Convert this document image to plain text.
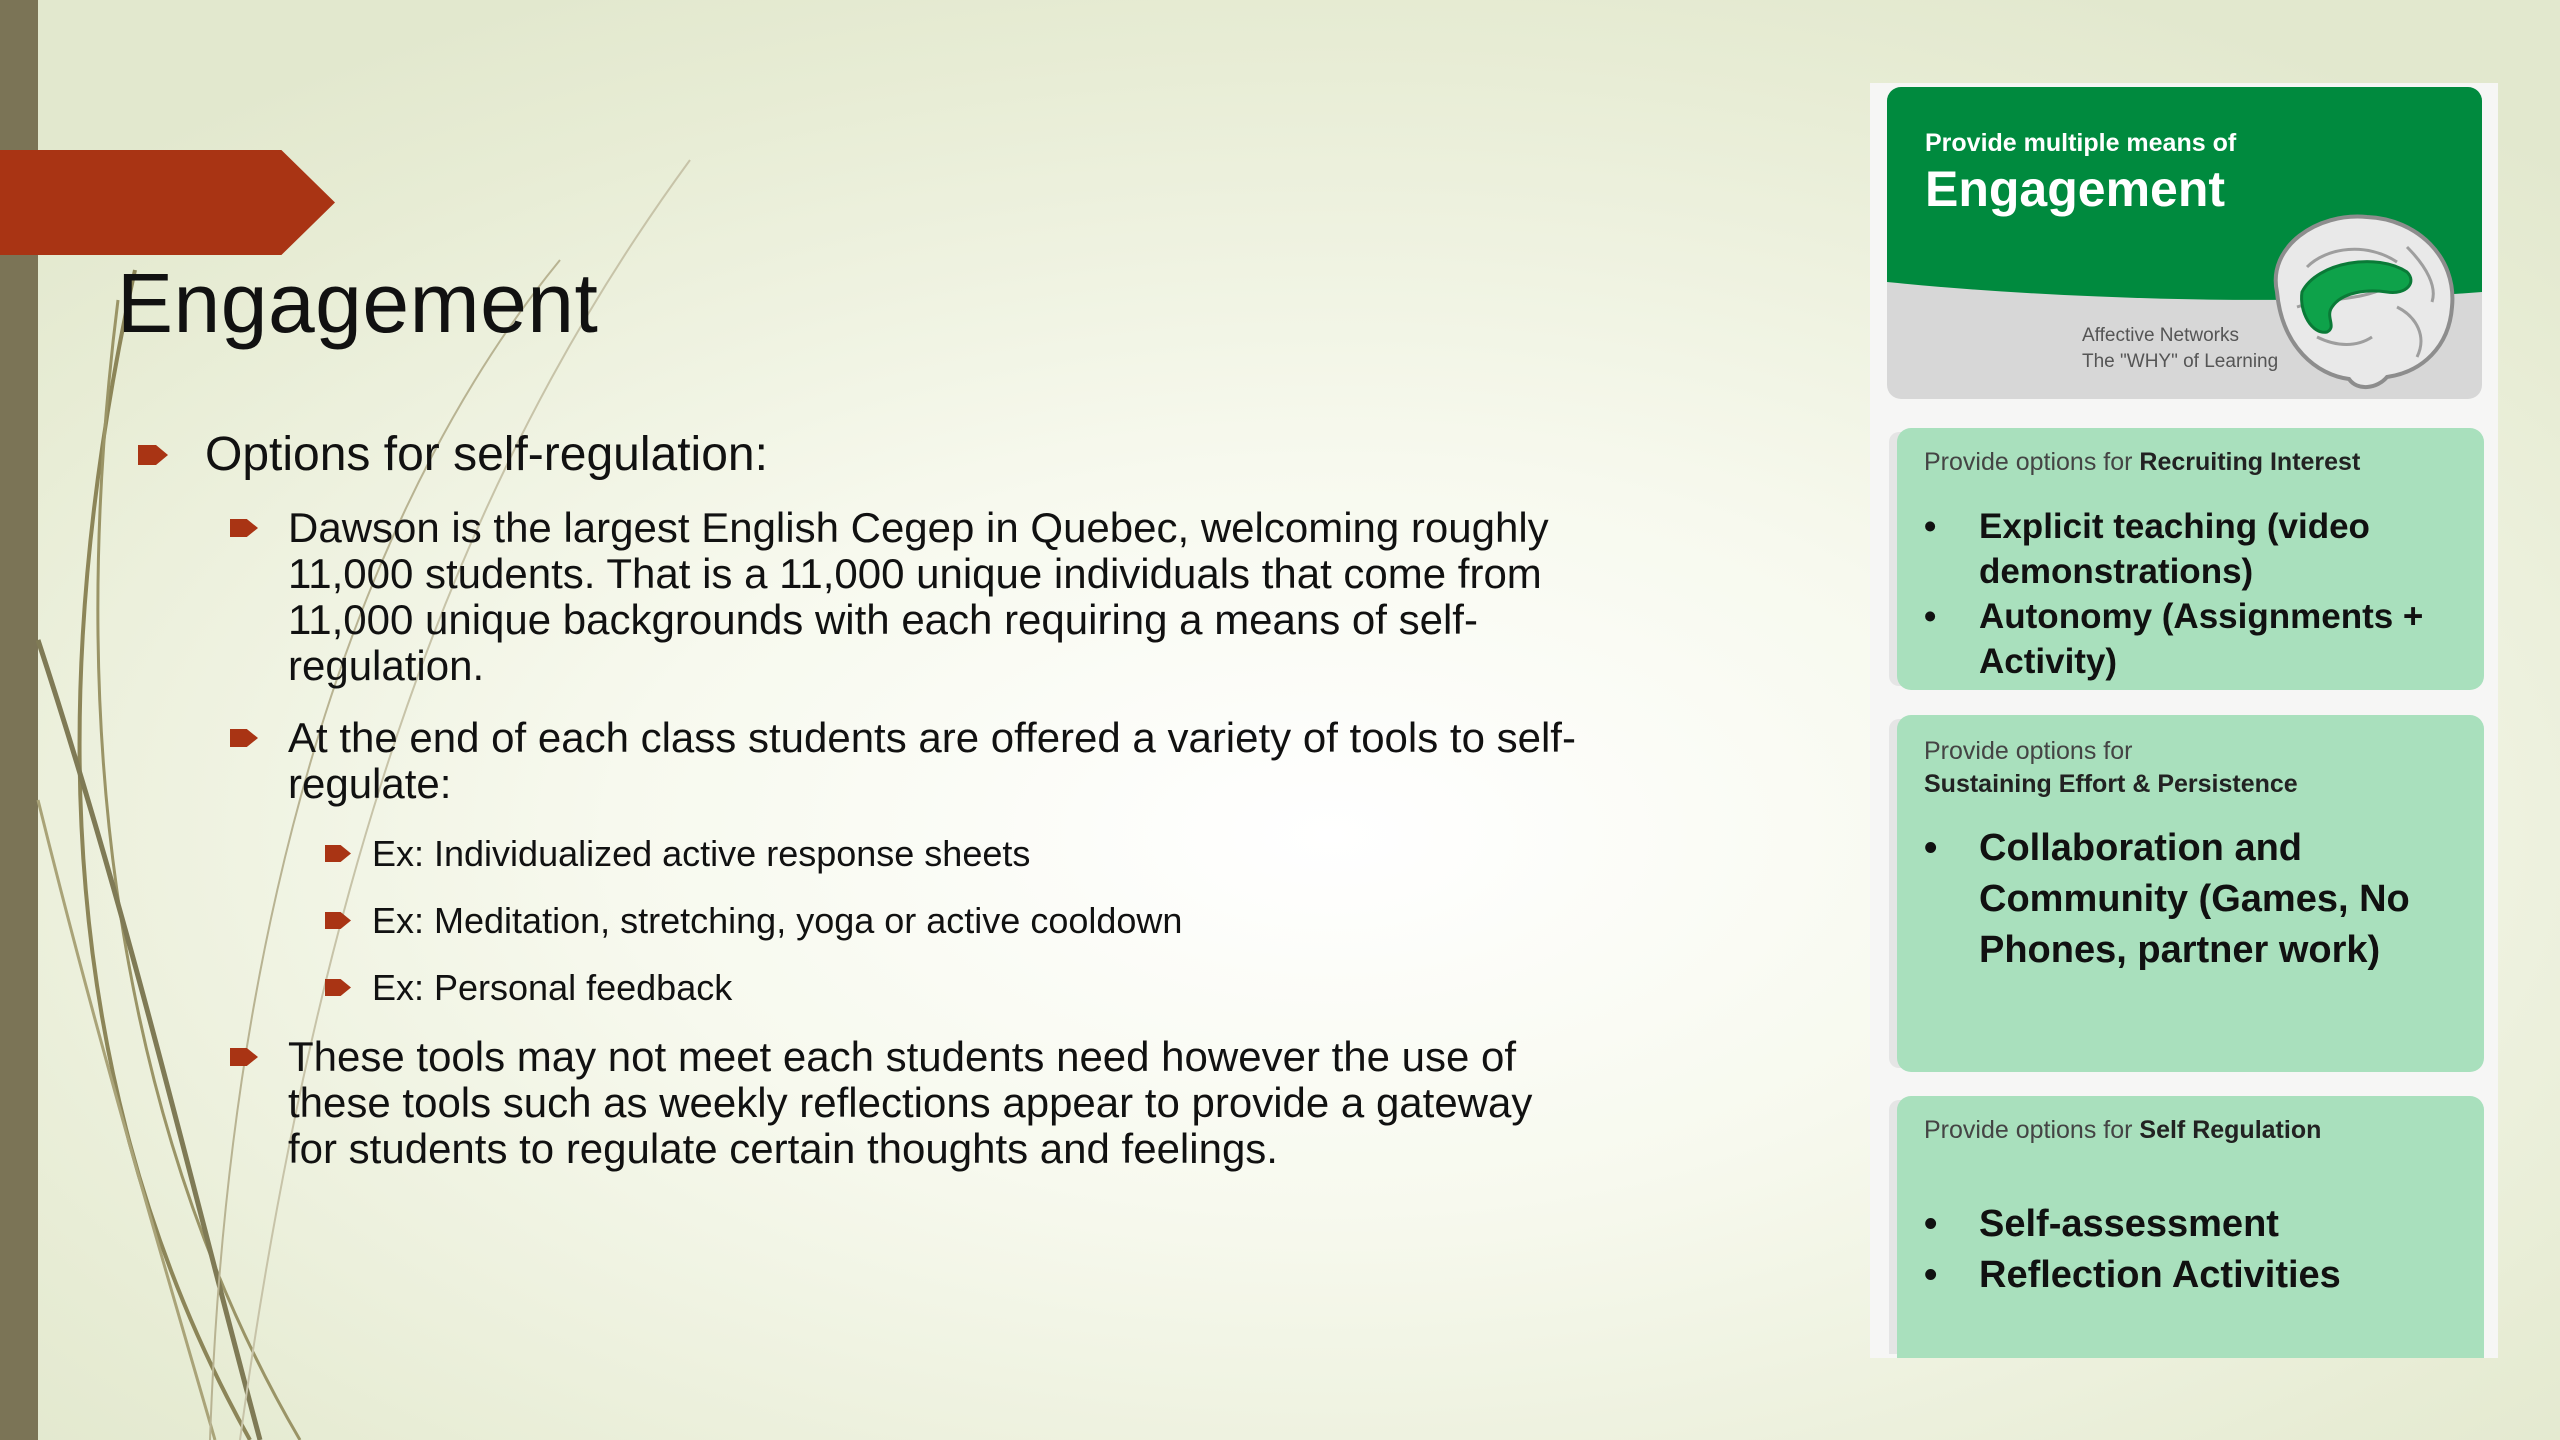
Engagement
Options for self-regulation:
Dawson is the largest English Cegep in Quebec, welcoming roughly 11,000 students. That is a 11,000 unique individuals that come from 11,000 unique backgrounds with each requiring a means of self-regulation.
At the end of each class students are offered a variety of tools to self-regulate:
Ex: Individualized active response sheets
Ex: Meditation, stretching, yoga or active cooldown
Ex: Personal feedback
These tools may not meet each students need however the use of these tools such as weekly reflections appear to provide a gateway for students to regulate certain thoughts and feelings.
Provide multiple means of
Engagement
Affective Networks
The "WHY" of Learning
Provide options for Recruiting Interest
• Explicit teaching (video demonstrations)
• Autonomy (Assignments + Activity)
Provide options for
Sustaining Effort & Persistence
• Collaboration and Community (Games, No Phones, partner work)
Provide options for Self Regulation
• Self-assessment
• Reflection Activities
